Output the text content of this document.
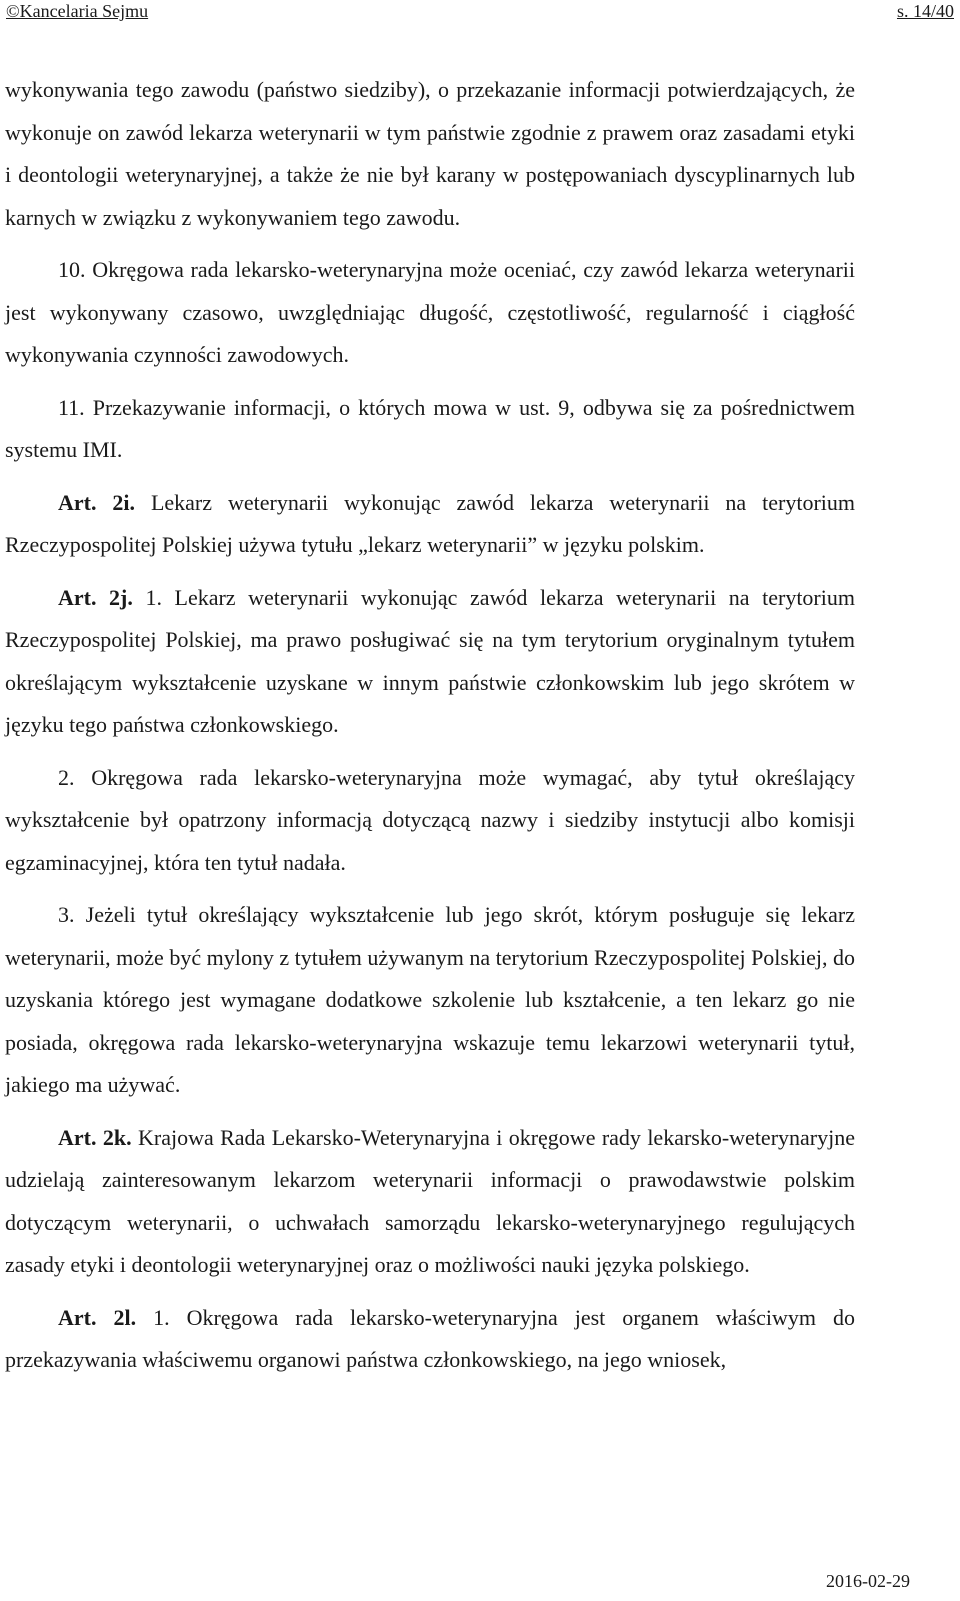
©Kancelaria Sejmu	s. 14/40

wykonywania tego zawodu (państwo siedziby), o przekazanie informacji potwierdzających, że wykonuje on zawód lekarza weterynarii w tym państwie zgodnie z prawem oraz zasadami etyki i deontologii weterynaryjnej, a także że nie był karany w postępowaniach dyscyplinarnych lub karnych w związku z wykonywaniem tego zawodu.

10. Okręgowa rada lekarsko-weterynaryjna może oceniać, czy zawód lekarza weterynarii jest wykonywany czasowo, uwzględniając długość, częstotliwość, regularność i ciągłość wykonywania czynności zawodowych.

11. Przekazywanie informacji, o których mowa w ust. 9, odbywa się za pośrednictwem systemu IMI.

Art. 2i. Lekarz weterynarii wykonując zawód lekarza weterynarii na terytorium Rzeczypospolitej Polskiej używa tytułu „lekarz weterynarii” w języku polskim.

Art. 2j. 1. Lekarz weterynarii wykonując zawód lekarza weterynarii na terytorium Rzeczypospolitej Polskiej, ma prawo posługiwać się na tym terytorium oryginalnym tytułem określającym wykształcenie uzyskane w innym państwie członkowskim lub jego skrótem w języku tego państwa członkowskiego.

2. Okręgowa rada lekarsko-weterynaryjna może wymagać, aby tytuł określający wykształcenie był opatrzony informacją dotyczącą nazwy i siedziby instytucji albo komisji egzaminacyjnej, która ten tytuł nadała.

3. Jeżeli tytuł określający wykształcenie lub jego skrót, którym posługuje się lekarz weterynarii, może być mylony z tytułem używanym na terytorium Rzeczypospolitej Polskiej, do uzyskania którego jest wymagane dodatkowe szkolenie lub kształcenie, a ten lekarz go nie posiada, okręgowa rada lekarsko-weterynaryjna wskazuje temu lekarzowi weterynarii tytuł, jakiego ma używać.

Art. 2k. Krajowa Rada Lekarsko-Weterynaryjna i okręgowe rady lekarsko-weterynaryjne udzielają zainteresowanym lekarzom weterynarii informacji o prawodawstwie polskim dotyczącym weterynarii, o uchwałach samorządu lekarsko-weterynaryjnego regulujących zasady etyki i deontologii weterynaryjnej oraz o możliwości nauki języka polskiego.

Art. 2l. 1. Okręgowa rada lekarsko-weterynaryjna jest organem właściwym do przekazywania właściwemu organowi państwa członkowskiego, na jego wniosek,

2016-02-29
